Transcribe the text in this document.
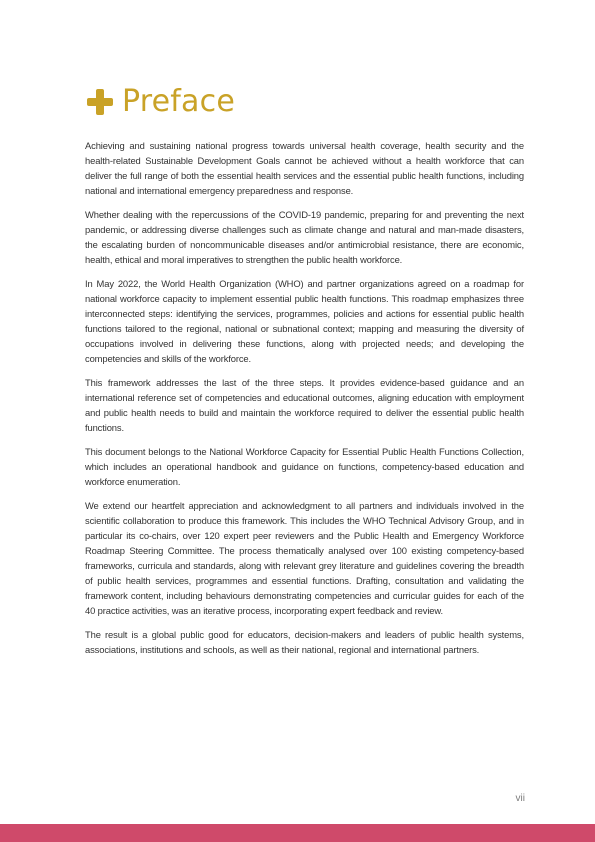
Preface

Achieving and sustaining national progress towards universal health coverage, health security and the health-related Sustainable Development Goals cannot be achieved without a health workforce that can deliver the full range of both the essential health services and the essential public health functions, including national and international emergency preparedness and response.

Whether dealing with the repercussions of the COVID-19 pandemic, preparing for and preventing the next pandemic, or addressing diverse challenges such as climate change and natural and man-made disasters, the escalating burden of noncommunicable diseases and/or antimicrobial resistance, there are economic, health, ethical and moral imperatives to strengthen the public health workforce.

In May 2022, the World Health Organization (WHO) and partner organizations agreed on a roadmap for national workforce capacity to implement essential public health functions. This roadmap emphasizes three interconnected steps: identifying the services, programmes, policies and actions for essential public health functions tailored to the regional, national or subnational context; mapping and measuring the diversity of occupations involved in delivering these functions, along with projected needs; and developing the competencies and skills of the workforce.

This framework addresses the last of the three steps. It provides evidence-based guidance and an international reference set of competencies and educational outcomes, aligning education with employment and public health needs to build and maintain the workforce required to deliver the essential public health functions.

This document belongs to the National Workforce Capacity for Essential Public Health Functions Collection, which includes an operational handbook and guidance on functions, competency-based education and workforce enumeration.

We extend our heartfelt appreciation and acknowledgment to all partners and individuals involved in the scientific collaboration to produce this framework. This includes the WHO Technical Advisory Group, and in particular its co-chairs, over 120 expert peer reviewers and the Public Health and Emergency Workforce Roadmap Steering Committee. The process thematically analysed over 100 existing competency-based frameworks, curricula and standards, along with relevant grey literature and guidelines covering the breadth of public health services, programmes and essential functions. Drafting, consultation and validating the framework content, including behaviours demonstrating competencies and curricular guides for each of the 40 practice activities, was an iterative process, incorporating expert feedback and review.

The result is a global public good for educators, decision-makers and leaders of public health systems, associations, institutions and schools, as well as their national, regional and international partners.

vii
